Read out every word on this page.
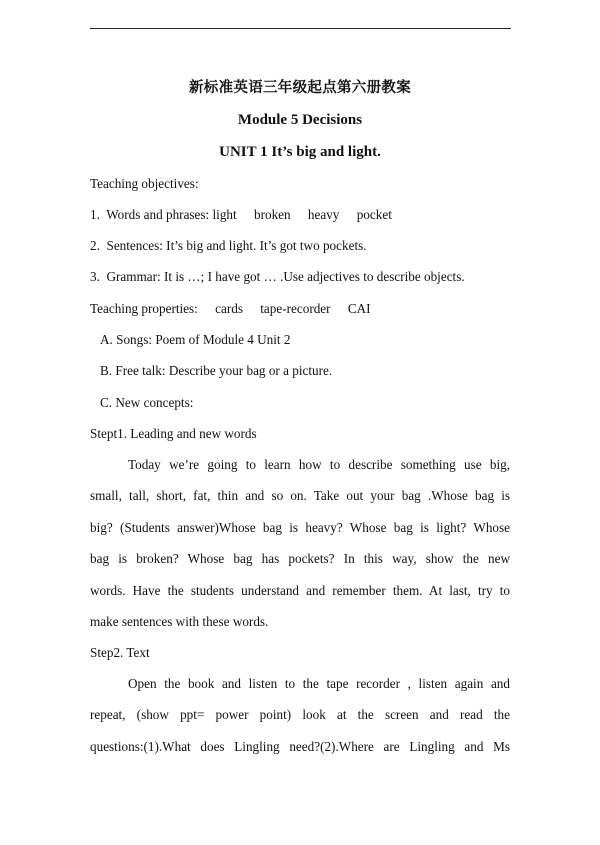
新标准英语三年级起点第六册教案
Module 5 Decisions
UNIT 1 It’s big and light.
Teaching objectives:
1. Words and phrases: light broken heavy pocket
2. Sentences: It’s big and light. It’s got two pockets.
3. Grammar: It is …; I have got … .Use adjectives to describe objects.
Teaching properties: cards tape-recorder CAI
A. Songs: Poem of Module 4 Unit 2
B. Free talk: Describe your bag or a picture.
C. New concepts:
Stept1. Leading and new words
Today we’re going to learn how to describe something use big,
small, tall, short, fat, thin and so on. Take out your bag .Whose bag is
big? (Students answer)Whose bag is heavy? Whose bag is light? Whose
bag is broken? Whose bag has pockets? In this way, show the new
words. Have the students understand and remember them. At last, try to
make sentences with these words.
Step2. Text
Open the book and listen to the tape recorder , listen again and
repeat, (show ppt= power point) look at the screen and read the
questions:(1).What does Lingling need?(2).Where are Lingling and Ms
